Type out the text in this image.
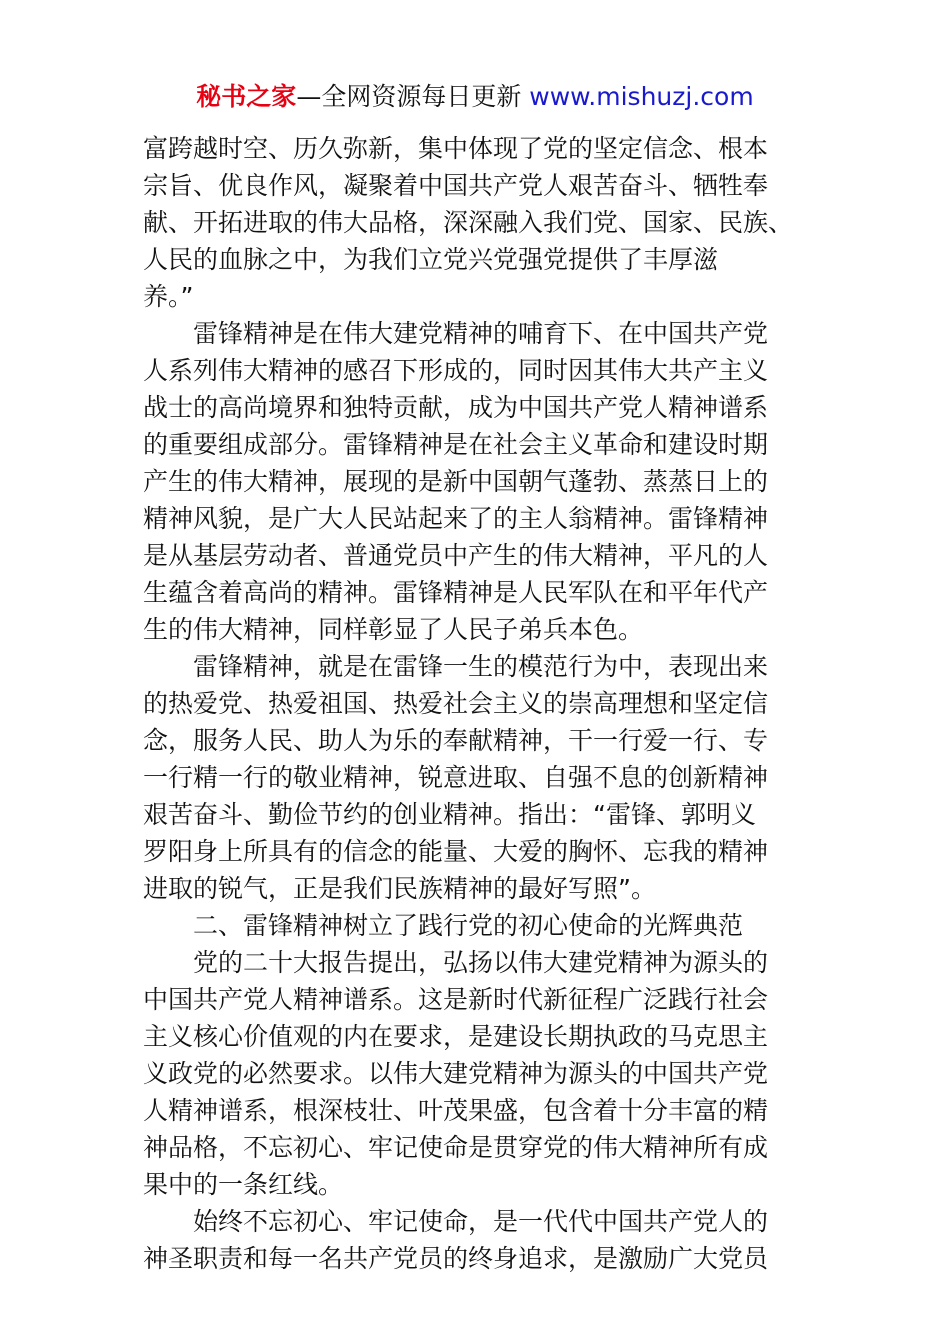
秘书之家—全网资源每日更新 www.mishuzj.com
富跨越时空、历久弥新，集中体现了党的坚定信念、根本
宗旨、优良作风，凝聚着中国共产党人艰苦奋斗、牺牲奉
献、开拓进取的伟大品格，深深融入我们党、国家、民族、
人民的血脉之中，为我们立党兴党强党提供了丰厚滋
养。”
雷锋精神是在伟大建党精神的哺育下、在中国共产党
人系列伟大精神的感召下形成的，同时因其伟大共产主义
战士的高尚境界和独特贡献，成为中国共产党人精神谱系
的重要组成部分。雷锋精神是在社会主义革命和建设时期
产生的伟大精神，展现的是新中国朝气蓬勃、蒸蒸日上的
精神风貌，是广大人民站起来了的主人翁精神。雷锋精神
是从基层劳动者、普通党员中产生的伟大精神，平凡的人
生蕴含着高尚的精神。雷锋精神是人民军队在和平年代产
生的伟大精神，同样彰显了人民子弟兵本色。
雷锋精神，就是在雷锋一生的模范行为中，表现出来
的热爱党、热爱祖国、热爱社会主义的崇高理想和坚定信
念，服务人民、助人为乐的奉献精神，干一行爱一行、专
一行精一行的敬业精神，锐意进取、自强不息的创新精神
艰苦奋斗、勤俭节约的创业精神。指出：“雷锋、郭明义
罗阳身上所具有的信念的能量、大爱的胸怀、忘我的精神
进取的锐气，正是我们民族精神的最好写照”。
二、雷锋精神树立了践行党的初心使命的光辉典范
党的二十大报告提出，弘扬以伟大建党精神为源头的
中国共产党人精神谱系。这是新时代新征程广泛践行社会
主义核心价值观的内在要求，是建设长期执政的马克思主
义政党的必然要求。以伟大建党精神为源头的中国共产党
人精神谱系，根深枝壮、叶茂果盛，包含着十分丰富的精
神品格，不忘初心、牢记使命是贯穿党的伟大精神所有成
果中的一条红线。
始终不忘初心、牢记使命，是一代代中国共产党人的
神圣职责和每一名共产党员的终身追求，是激励广大党员
